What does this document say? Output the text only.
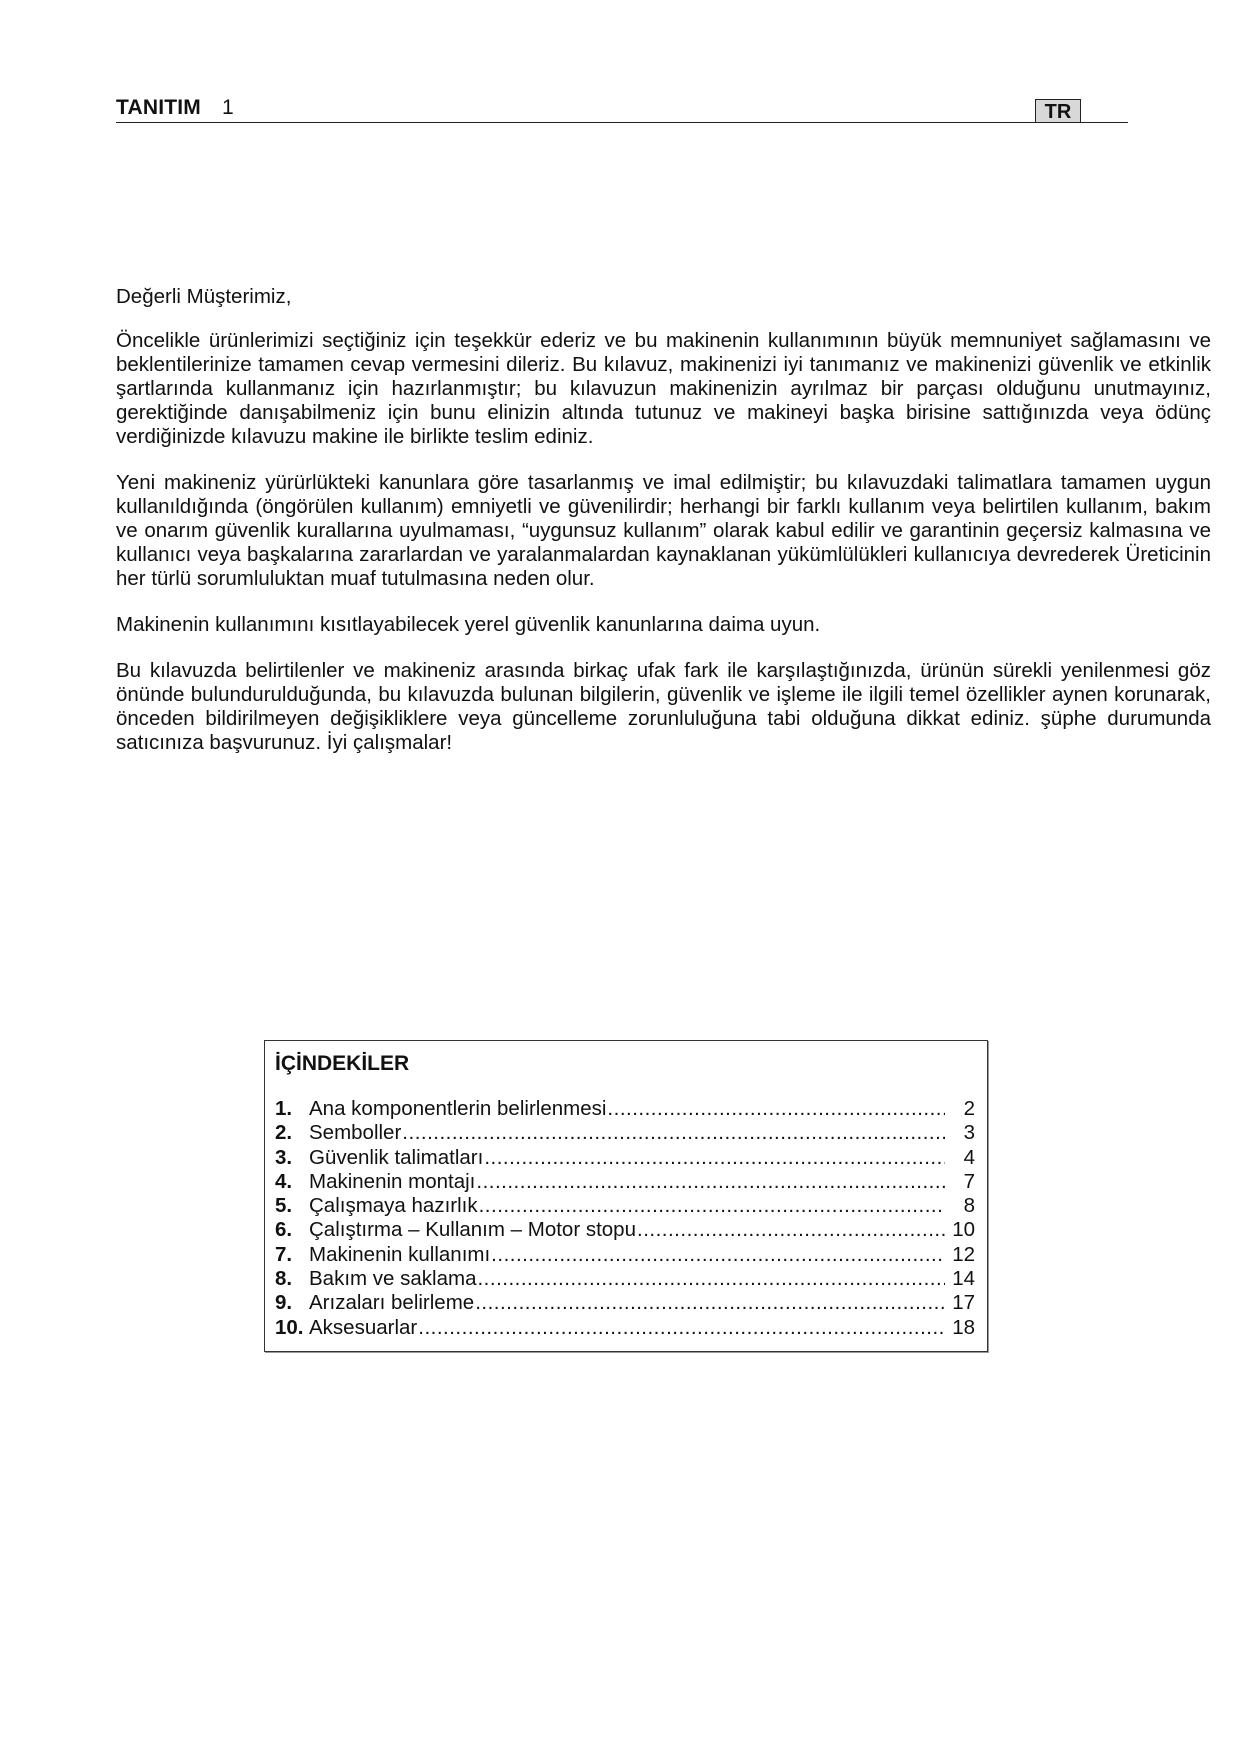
TANITIM 1	TR

Değerli Müşterimiz,

Öncelikle ürünlerimizi seçtiğiniz için teşekkür ederiz ve bu makinenin kullanımının büyük memnuniyet sağlamasını ve beklentilerinize tamamen cevap vermesini dileriz. Bu kılavuz, makinenizi iyi tanımanız ve makinenizi güvenlik ve etkinlik şartlarında kullanmanız için hazırlanmıştır; bu kılavuzun makinenizin ayrılmaz bir parçası olduğunu unutmayınız, gerektiğinde danışabilmeniz için bunu elinizin altında tutunuz ve makineyi başka birisine sattığınızda veya ödünç verdiğinizde kılavuzu makine ile birlikte teslim ediniz.

Yeni makineniz yürürlükteki kanunlara göre tasarlanmış ve imal edilmiştir; bu kılavuzdaki talimatlara tamamen uygun kullanıldığında (öngörülen kullanım) emniyetli ve güvenilirdir; herhangi bir farklı kullanım veya belirtilen kullanım, bakım ve onarım güvenlik kurallarına uyulmaması, “uygunsuz kullanım” olarak kabul edilir ve garantinin geçersiz kalmasına ve kullanıcı veya başkalarına zararlardan ve yaralanmalardan kaynaklanan yükümlülükleri kullanıcıya devrederek Üreticinin her türlü sorumluluktan muaf tutulmasına neden olur.

Makinenin kullanımını kısıtlayabilecek yerel güvenlik kanunlarına daima uyun.

Bu kılavuzda belirtilenler ve makineniz arasında birkaç ufak fark ile karşılaştığınızda, ürünün sürekli yenilenmesi göz önünde bulundurulduğunda, bu kılavuzda bulunan bilgilerin, güvenlik ve işleme ile ilgili temel özellikler aynen korunarak, önceden bildirilmeyen değişikliklere veya güncelleme zorunluluğuna tabi olduğuna dikkat ediniz. şüphe durumunda satıcınıza başvurunuz. İyi çalışmalar!

İÇİNDEKİLER
1. Ana komponentlerin belirlenmesi .....	2
2. Semboller .....	3
3. Güvenlik talimatları .....	4
4. Makinenin montajı .....	7
5. Çalışmaya hazırlık .....	8
6. Çalıştırma – Kullanım – Motor stopu .....	10
7. Makinenin kullanımı .....	12
8. Bakım ve saklama .....	14
9. Arızaları belirleme .....	17
10. Aksesuarlar .....	18
